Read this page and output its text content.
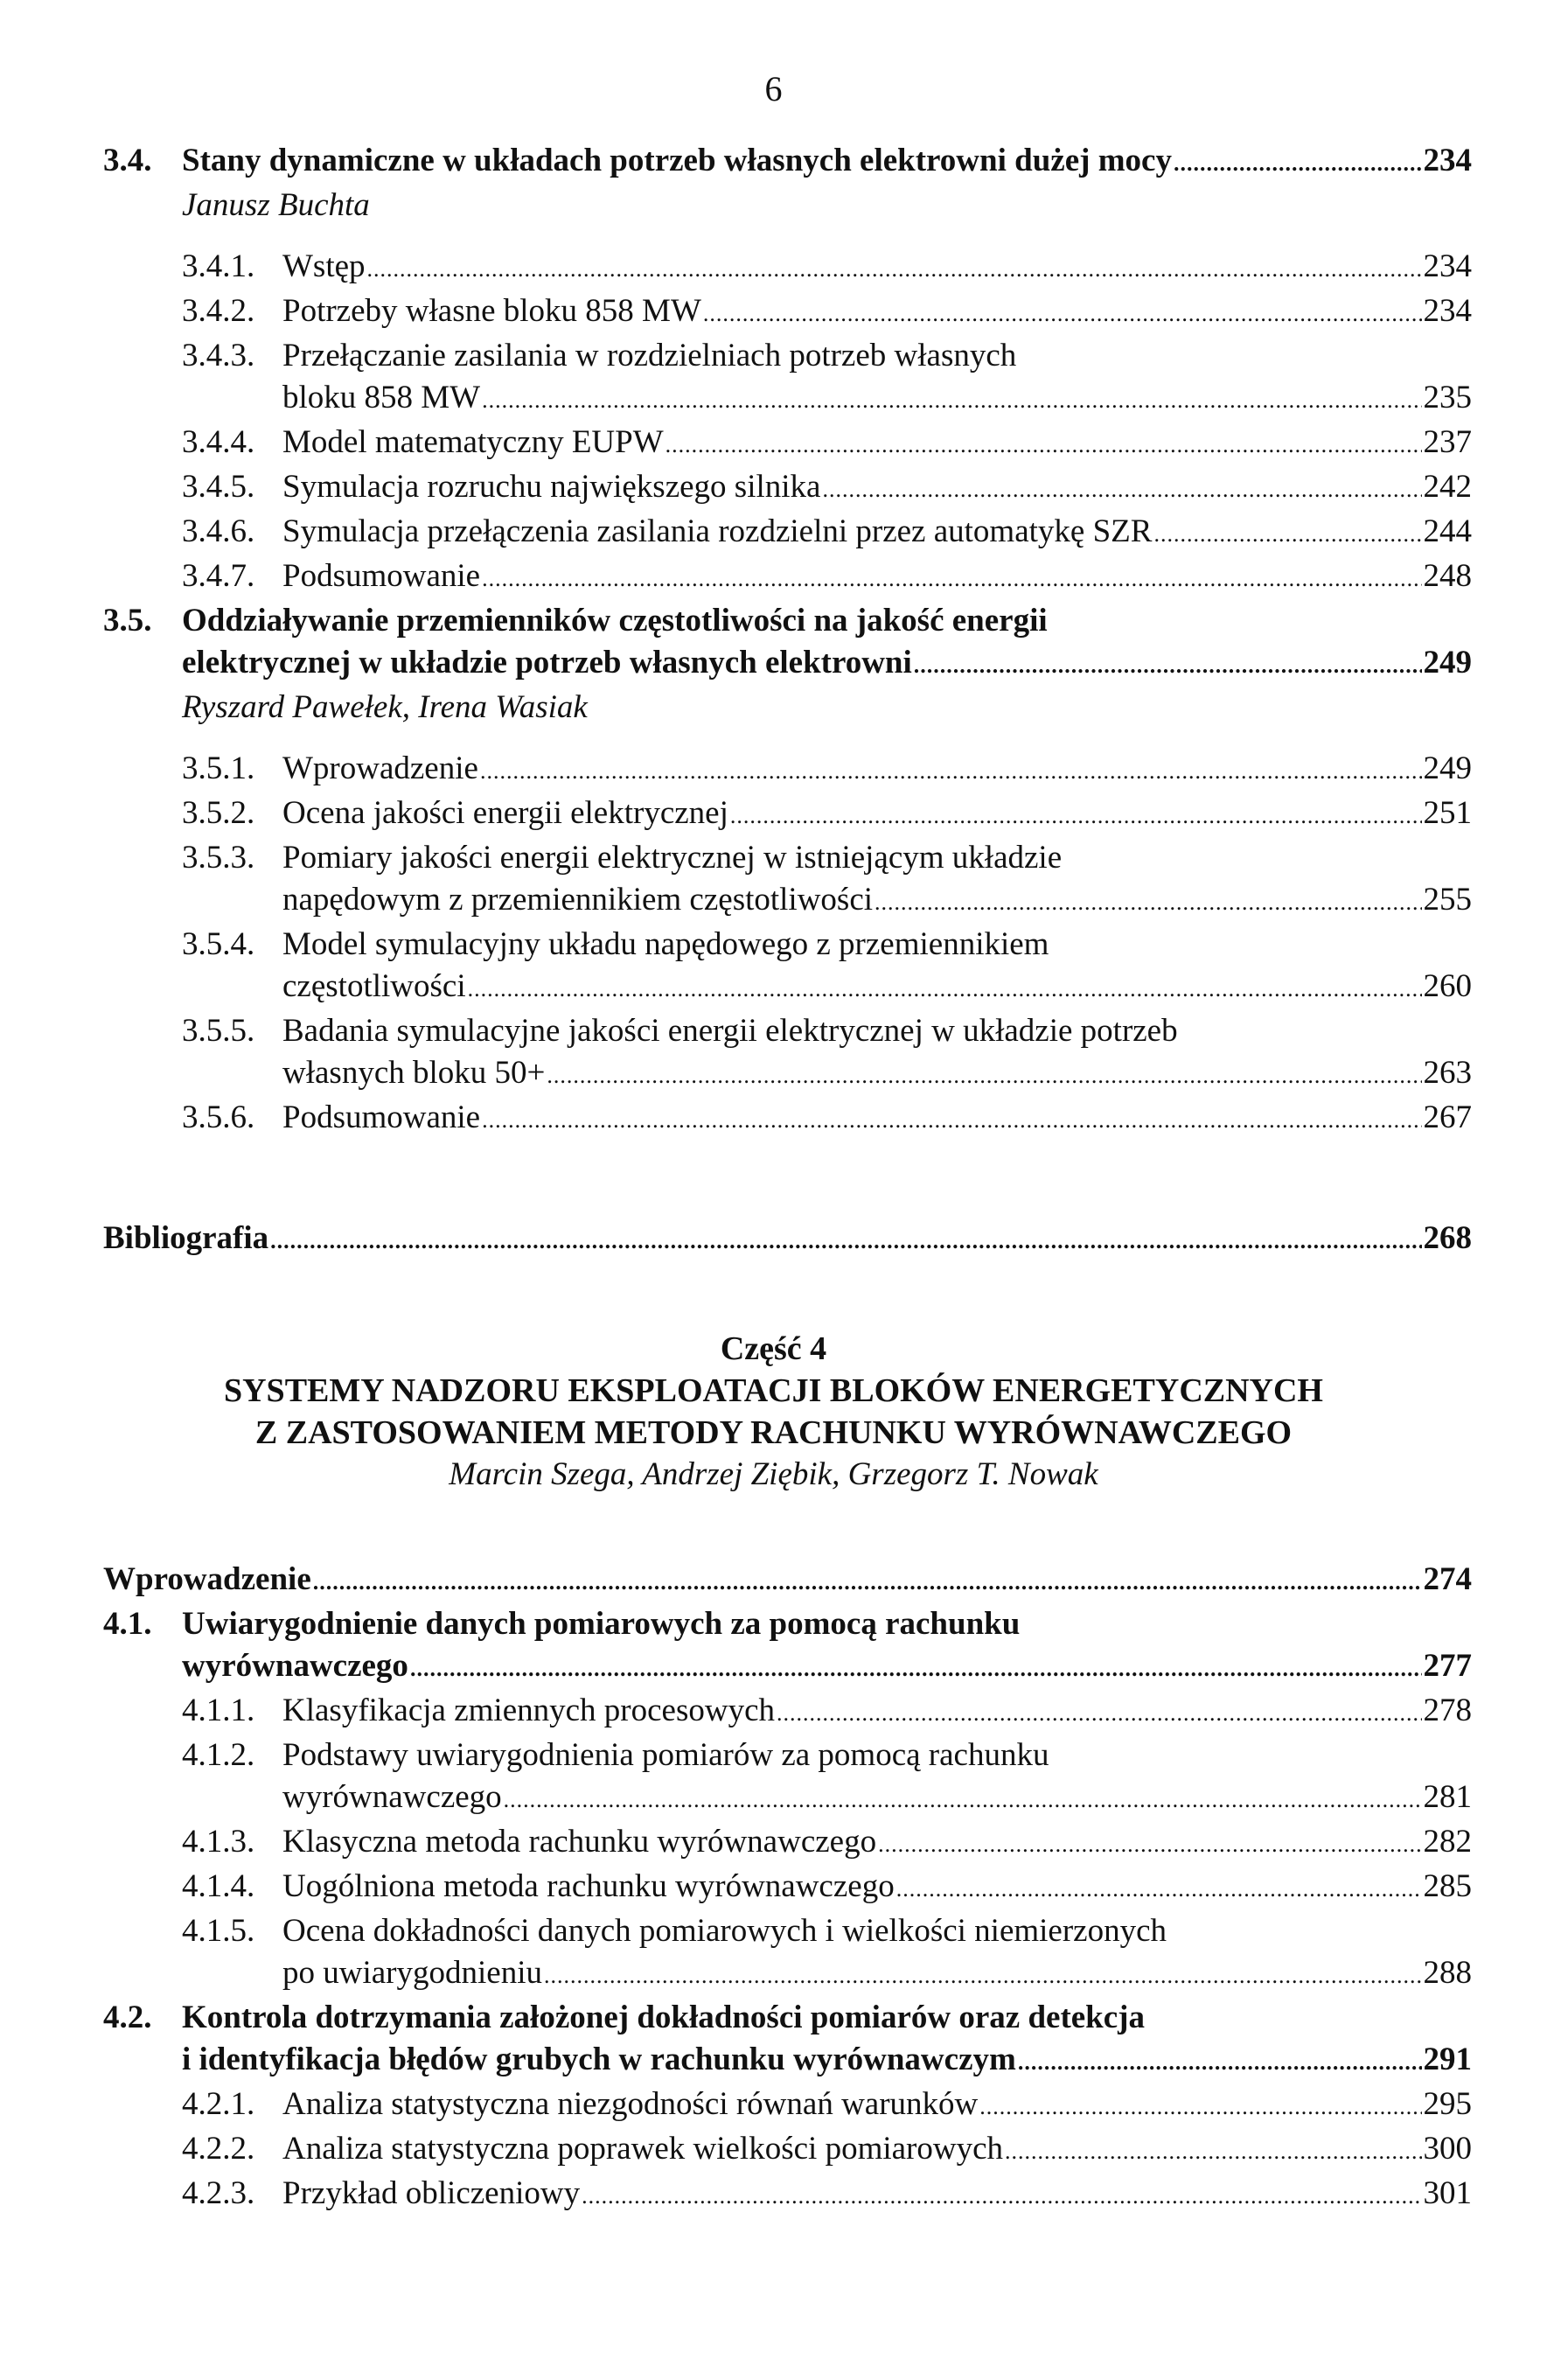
6
3.4. Stany dynamiczne w układach potrzeb własnych elektrowni dużej mocy .....	234
Janusz Buchta
3.4.1. Wstęp .....	234
3.4.2. Potrzeby własne bloku 858 MW .....	234
3.4.3. Przełączanie zasilania w rozdzielniach potrzeb własnych
bloku 858 MW .....	235
3.4.4. Model matematyczny EUPW .....	237
3.4.5. Symulacja rozruchu największego silnika .....	242
3.4.6. Symulacja przełączenia zasilania rozdzielni przez automatykę SZR .....	244
3.4.7. Podsumowanie .....	248
3.5. Oddziaływanie przemienników częstotliwości na jakość energii
elektrycznej w układzie potrzeb własnych elektrowni .....	249
Ryszard Pawełek, Irena Wasiak
3.5.1. Wprowadzenie .....	249
3.5.2. Ocena jakości energii elektrycznej .....	251
3.5.3. Pomiary jakości energii elektrycznej w istniejącym układzie
napędowym z przemiennikiem częstotliwości .....	255
3.5.4. Model symulacyjny układu napędowego z przemiennikiem
częstotliwości .....	260
3.5.5. Badania symulacyjne jakości energii elektrycznej w układzie potrzeb
własnych bloku 50+ .....	263
3.5.6. Podsumowanie .....	267
Bibliografia .....	268
Część 4
SYSTEMY NADZORU EKSPLOATACJI BLOKÓW ENERGETYCZNYCH
Z ZASTOSOWANIEM METODY RACHUNKU WYRÓWNAWCZEGO
Marcin Szega, Andrzej Ziębik, Grzegorz T. Nowak
Wprowadzenie .....	274
4.1. Uwiarygodnienie danych pomiarowych za pomocą rachunku
wyrównawczego .....	277
4.1.1. Klasyfikacja zmiennych procesowych .....	278
4.1.2. Podstawy uwiarygodnienia pomiarów za pomocą rachunku
wyrównawczego .....	281
4.1.3. Klasyczna metoda rachunku wyrównawczego .....	282
4.1.4. Uogólniona metoda rachunku wyrównawczego .....	285
4.1.5. Ocena dokładności danych pomiarowych i wielkości niemierzonych
po uwiarygodnieniu .....	288
4.2. Kontrola dotrzymania założonej dokładności pomiarów oraz detekcja
i identyfikacja błędów grubych w rachunku wyrównawczym .....	291
4.2.1. Analiza statystyczna niezgodności równań warunków .....	295
4.2.2. Analiza statystyczna poprawek wielkości pomiarowych .....	300
4.2.3. Przykład obliczeniowy .....	301
